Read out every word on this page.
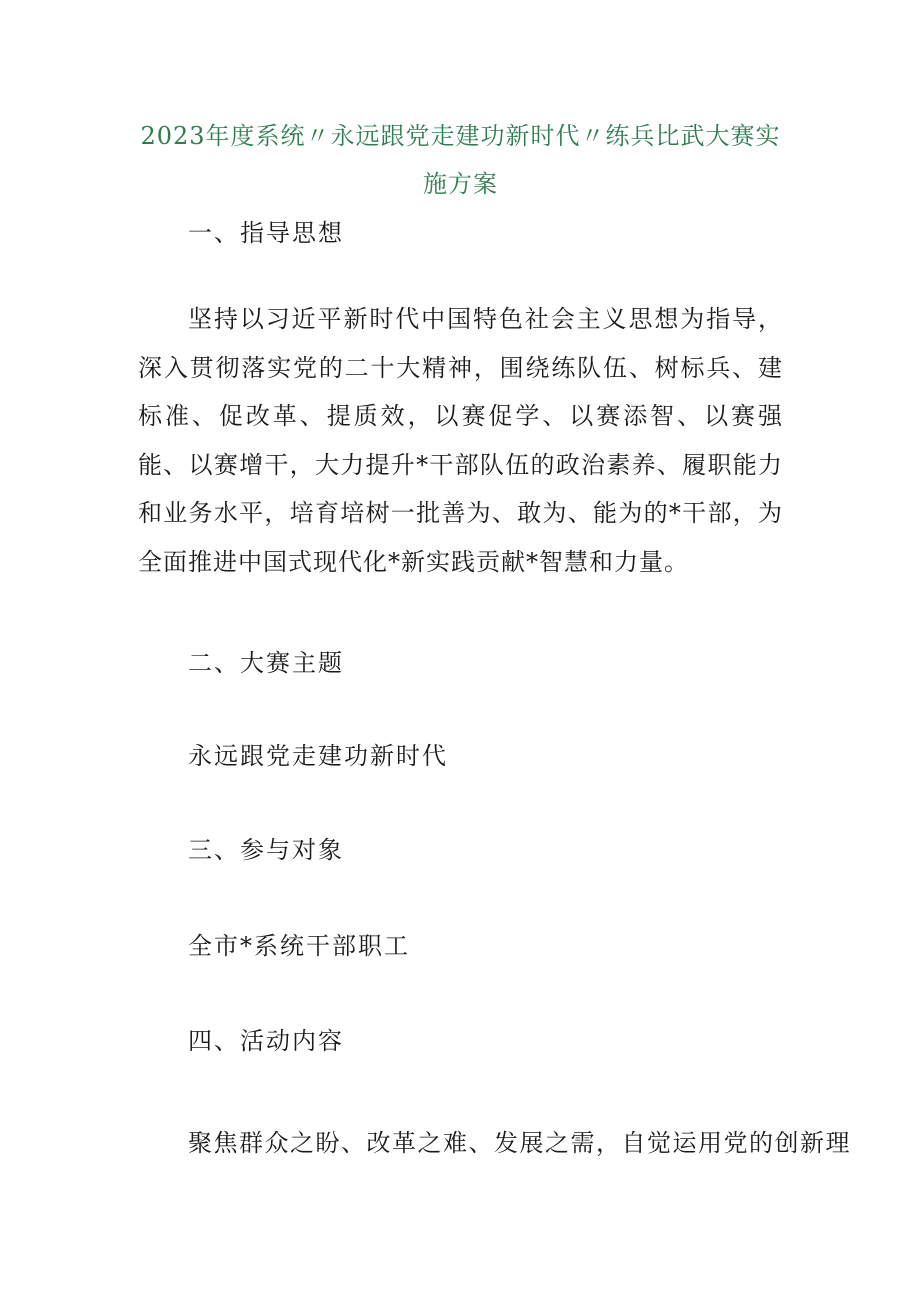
2023年度系统〃永远跟党走建功新时代〃练兵比武大赛实施方案
一、指导思想
坚持以习近平新时代中国特色社会主义思想为指导，深入贯彻落实党的二十大精神，围绕练队伍、树标兵、建标准、促改革、提质效，以赛促学、以赛添智、以赛强能、以赛增干，大力提升*干部队伍的政治素养、履职能力和业务水平，培育培树一批善为、敢为、能为的*干部，为全面推进中国式现代化*新实践贡献*智慧和力量。
二、大赛主题
永远跟党走建功新时代
三、参与对象
全市*系统干部职工
四、活动内容
聚焦群众之盼、改革之难、发展之需，自觉运用党的创新理
